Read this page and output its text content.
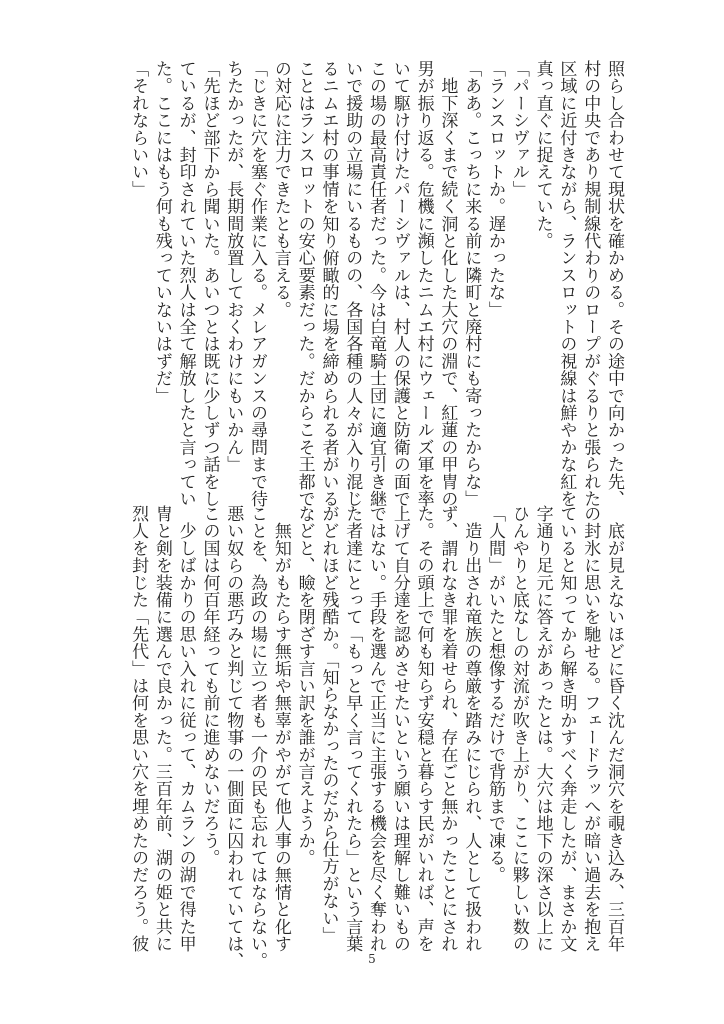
照らし合わせて現状を確かめる。その途中で向かった先、
村の中央であり規制線代わりのロープがぐるりと張られた
区域に近付きながら、ランスロットの視線は鮮やかな紅を
真っ直ぐに捉えていた。
「パーシヴァル」
「ランスロットか。遅かったな」
「ああ。こっちに来る前に隣町と廃村にも寄ったからな」
　地下深くまで続く洞と化した大穴の淵で、紅蓮の甲冑の
男が振り返る。危機に瀕したニムエ村にウェールズ軍を率
いて駆け付けたパーシヴァルは、村人の保護と防衛の面で
この場の最高責任者だった。今は白竜騎士団に適宜引き継
いで援助の立場にいるものの、各国各種の人々が入り混じ
るニムエ村の事情を知り俯瞰的に場を締められる者がいる
ことはランスロットの安心要素だった。だからこそ王都で
の対応に注力できたとも言える。
「じきに穴を塞ぐ作業に入る。メレアガンスの尋問まで待
ちたかったが、長期間放置しておくわけにもいかん」
「先ほど部下から聞いた。あいつとは既に少しずつ話をし
ているが、封印されていた烈人は全て解放したと言ってい
た。ここにはもう何も残っていないはずだ」
「それならいい」
　底が見えないほどに昏く沈んだ洞穴を覗き込み、三百年
の封氷に思いを馳せる。フェードラッへが暗い過去を抱え
ていると知ってから解き明かすべく奔走したが、まさか文
字通り足元に答えがあったとは。大穴は地下の深さ以上に
ひんやりと底なしの対流が吹き上がり、ここに夥しい数の
「人間」がいたと想像するだけで背筋まで凍る。
　造り出され竜族の尊厳を踏みにじられ、人として扱われ
ず、謂れなき罪を着せられ、存在ごと無かったことにされ
た。その頭上で何も知らず安穏と暮らす民がいれば、声を
上げて自分達を認めさせたいという願いは理解し難いもの
ではない。手段を選んで正当に主張する機会を尽く奪われ
た者達にとって「もっと早く言ってくれたら」という言葉
がどれほど残酷か。「知らなかったのだから仕方がない」
などと、瞼を閉ざす言い訳を誰が言えようか。
　無知がもたらす無垢や無辜がやがて他人事の無情と化す
ことを、為政の場に立つ者も一介の民も忘れてはならない。
悪い奴らの悪巧みと判じて物事の一側面に囚われていては、
この国は何百年経っても前に進めないだろう。
　少しばかりの思い入れに従って、カムランの湖で得た甲
冑と剣を装備に選んで良かった。三百年前、湖の姫と共に
烈人を封じた「先代」は何を思い穴を埋めたのだろう。彼
5
